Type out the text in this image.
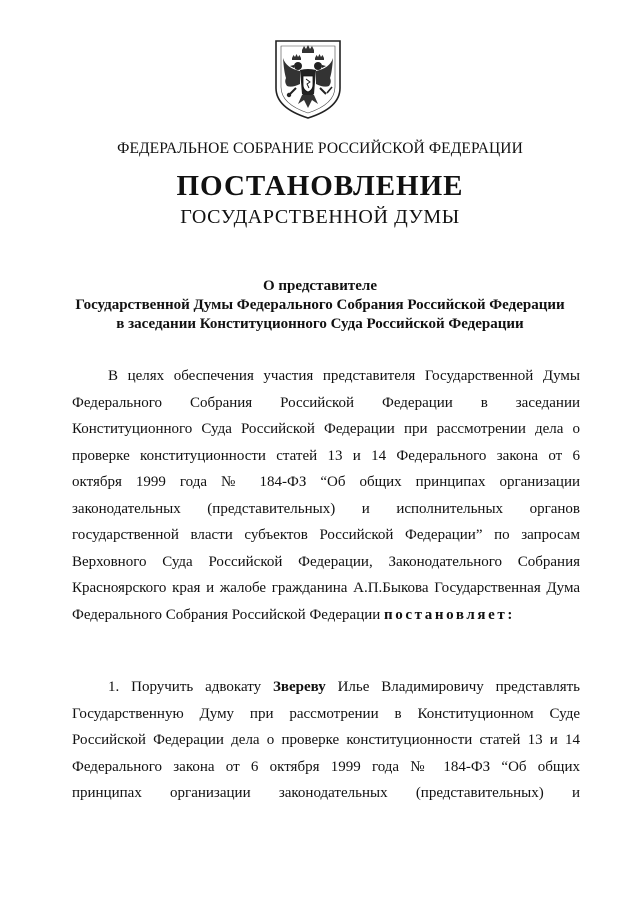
ФЕДЕРАЛЬНОЕ СОБРАНИЕ РОССИЙСКОЙ ФЕДЕРАЦИИ
ПОСТАНОВЛЕНИЕ
ГОСУДАРСТВЕННОЙ ДУМЫ
О представителе
Государственной Думы Федерального Собрания Российской Федерации
в заседании Конституционного Суда Российской Федерации
В целях обеспечения участия представителя Государственной Думы
Федерального Собрания Российской Федерации в заседании
Конституционного Суда Российской Федерации при рассмотрении дела о
проверке конституционности статей 13 и 14 Федерального закона от 6
октября 1999 года № 184-ФЗ “Об общих принципах организации
законодательных (представительных) и исполнительных органов
государственной власти субъектов Российской Федерации” по запросам
Верховного Суда Российской Федерации, Законодательного Собрания
Красноярского края и жалобе гражданина А.П.Быкова Государственная Дума
Федерального Собрания Российской Федерации постановляет:
1. Поручить адвокату Звереву Илье Владимировичу представлять
Государственную Думу при рассмотрении в Конституционном Суде
Российской Федерации дела о проверке конституционности статей 13 и 14
Федерального закона от 6 октября 1999 года № 184-ФЗ “Об общих
принципах организации законодательных (представительных) и
